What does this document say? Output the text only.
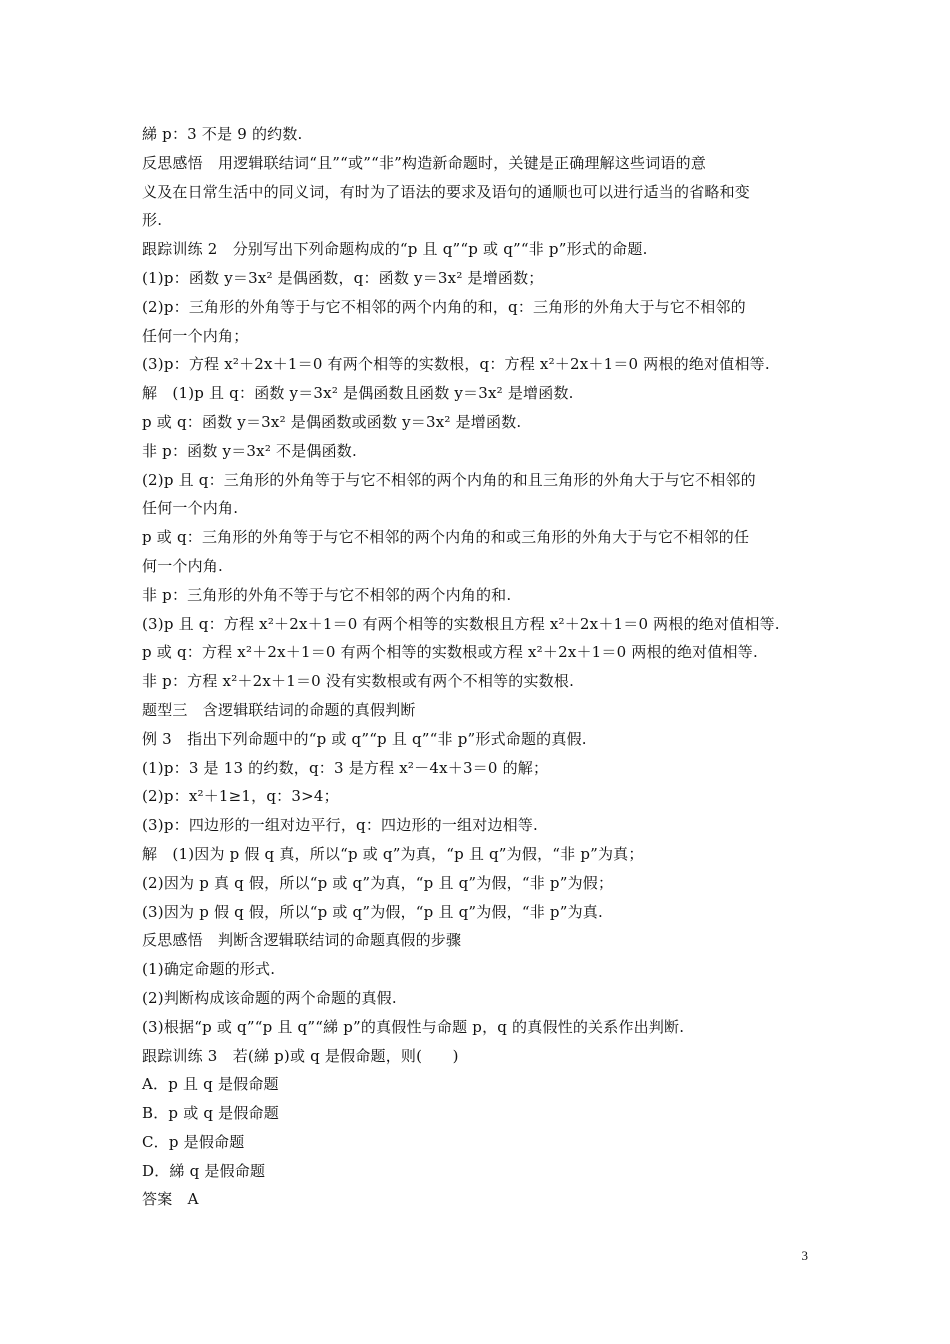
綈 p：3 不是 9 的约数.
反思感悟　用逻辑联结词“且”“或”“非”构造新命题时，关键是正确理解这些词语的意
义及在日常生活中的同义词，有时为了语法的要求及语句的通顺也可以进行适当的省略和变
形.
跟踪训练 2　分别写出下列命题构成的“p 且 q”“p 或 q”“非 p”形式的命题.
(1)p：函数 y＝3x² 是偶函数，q：函数 y＝3x² 是增函数；
(2)p：三角形的外角等于与它不相邻的两个内角的和，q：三角形的外角大于与它不相邻的
任何一个内角；
(3)p：方程 x²＋2x＋1＝0 有两个相等的实数根，q：方程 x²＋2x＋1＝0 两根的绝对值相等.
解　(1)p 且 q：函数 y＝3x² 是偶函数且函数 y＝3x² 是增函数.
p 或 q：函数 y＝3x² 是偶函数或函数 y＝3x² 是增函数.
非 p：函数 y＝3x² 不是偶函数.
(2)p 且 q：三角形的外角等于与它不相邻的两个内角的和且三角形的外角大于与它不相邻的
任何一个内角.
p 或 q：三角形的外角等于与它不相邻的两个内角的和或三角形的外角大于与它不相邻的任
何一个内角.
非 p：三角形的外角不等于与它不相邻的两个内角的和.
(3)p 且 q：方程 x²＋2x＋1＝0 有两个相等的实数根且方程 x²＋2x＋1＝0 两根的绝对值相等.
p 或 q：方程 x²＋2x＋1＝0 有两个相等的实数根或方程 x²＋2x＋1＝0 两根的绝对值相等.
非 p：方程 x²＋2x＋1＝0 没有实数根或有两个不相等的实数根.
题型三　含逻辑联结词的命题的真假判断
例 3　指出下列命题中的“p 或 q”“p 且 q”“非 p”形式命题的真假.
(1)p：3 是 13 的约数，q：3 是方程 x²－4x＋3＝0 的解；
(2)p：x²＋1≥1，q：3>4；
(3)p：四边形的一组对边平行，q：四边形的一组对边相等.
解　(1)因为 p 假 q 真，所以“p 或 q”为真，“p 且 q”为假，“非 p”为真；
(2)因为 p 真 q 假，所以“p 或 q”为真，“p 且 q”为假，“非 p”为假；
(3)因为 p 假 q 假，所以“p 或 q”为假，“p 且 q”为假，“非 p”为真.
反思感悟　判断含逻辑联结词的命题真假的步骤
(1)确定命题的形式.
(2)判断构成该命题的两个命题的真假.
(3)根据“p 或 q”“p 且 q”“綈 p”的真假性与命题 p，q 的真假性的关系作出判断.
跟踪训练 3　若(綈 p)或 q 是假命题，则(　　)
A．p 且 q 是假命题
B．p 或 q 是假命题
C．p 是假命题
D．綈 q 是假命题
答案　A
3
